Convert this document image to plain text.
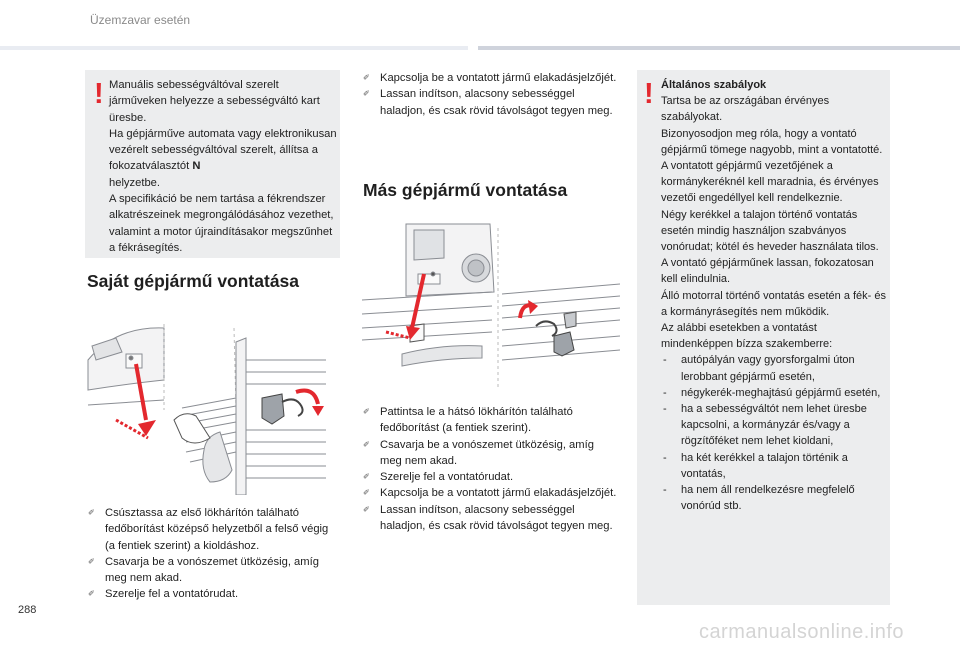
Üzemzavar esetén
! Manuális sebességváltóval szerelt járműveken helyezze a sebességváltó kart üresbe.

Ha gépjárműve automata vagy elektronikusan vezérelt sebességváltóval szerelt, állítsa a fokozatválasztót N

helyzetbe.

A specifikáció be nem tartása a fékrendszer alkatrészeinek megrongálódásához vezethet, valamint a motor újraindításakor megszűnhet a fékrásegítés.

Saját gépjármű vontatása
✐ Csúsztassa az első lökhárítón található fedőborítást középső helyzetből a felső végig (a fentiek szerint) a kioldáshoz.
✐ Csavarja be a vonószemet ütközésig, amíg meg nem akad.
✐ Szerelje fel a vontatórudat.
✐ Kapcsolja be a vontatott jármű elakadásjelzőjét.
✐ Lassan indítson, alacsony sebességgel haladjon, és csak rövid távolságot tegyen meg.
Más gépjármű vontatása
✐ Pattintsa le a hátsó lökhárítón található fedőborítást (a fentiek szerint).
✐ Csavarja be a vonószemet ütközésig, amíg meg nem akad.
✐ Szerelje fel a vontatórudat.
✐ Kapcsolja be a vontatott jármű elakadásjelzőjét.
✐ Lassan indítson, alacsony sebességgel haladjon, és csak rövid távolságot tegyen meg.
! Általános szabályok

Tartsa be az országában érvényes szabályokat.

Bizonyosodjon meg róla, hogy a vontató gépjármű tömege nagyobb, mint a vontatotté.

A vontatott gépjármű vezetőjének a kormánykeréknél kell maradnia, és érvényes vezetői engedéllyel kell rendelkeznie.

Négy kerékkel a talajon történő vontatás esetén mindig használjon szabványos vonórudat; kötél és heveder használata tilos.

A vontató gépjárműnek lassan, fokozatosan kell elindulnia.

Álló motorral történő vontatás esetén a fék- és a kormányrásegítés nem működik.

Az alábbi esetekben a vontatást mindenképpen bízza szakemberre:

- autópályán vagy gyorsforgalmi úton lerobbant gépjármű esetén,
- négykerék-meghajtású gépjármű esetén,
- ha a sebességváltót nem lehet üresbe kapcsolni, a kormányzár és/vagy a rögzítőféket nem lehet kioldani,
- ha két kerékkel a talajon történik a vontatás,
- ha nem áll rendelkezésre megfelelő vonórúd stb.
288
carmanualsonline.info
